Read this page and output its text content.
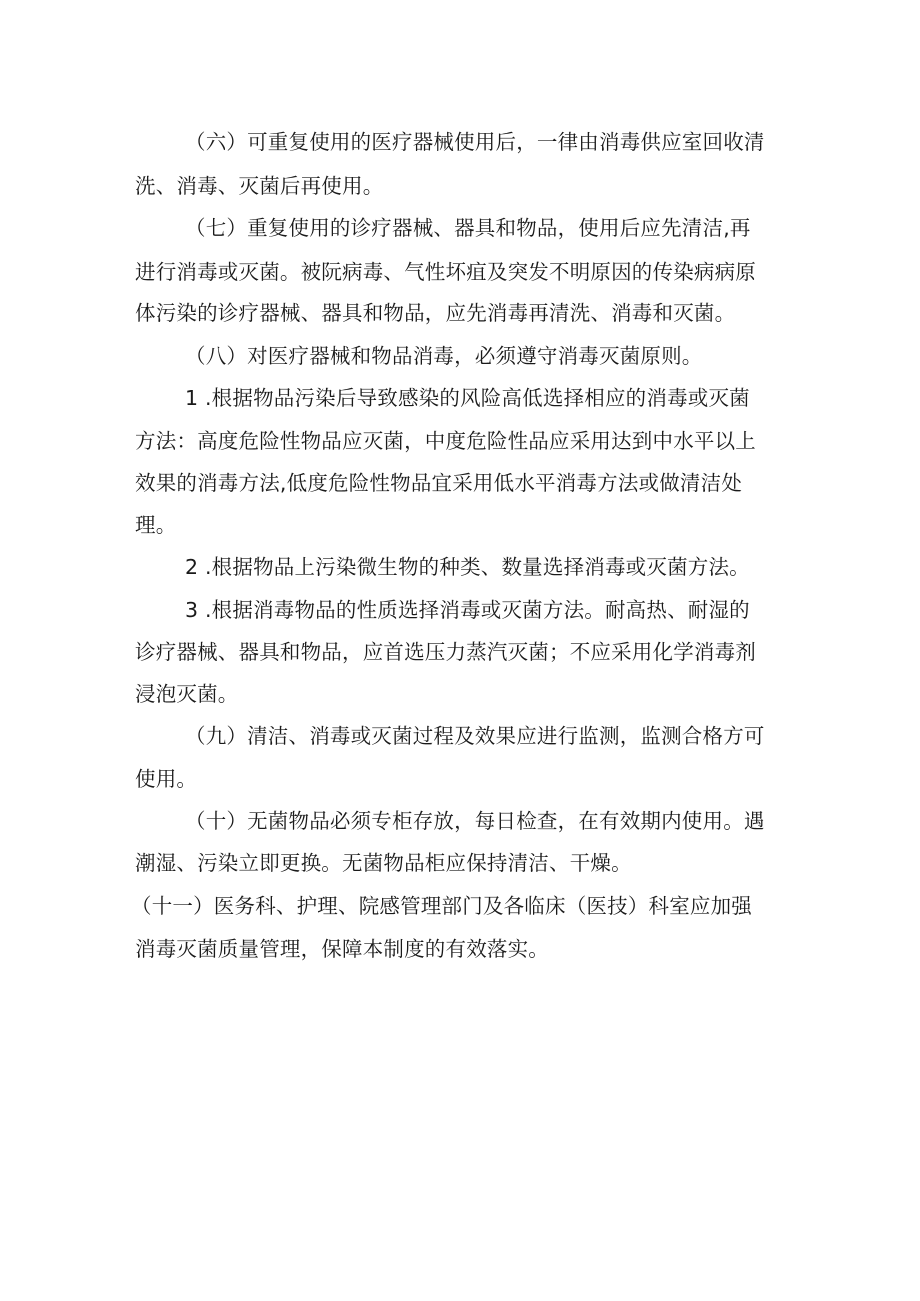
（六）可重复使用的医疗器械使用后，一律由消毒供应室回收清
洗、消毒、灭菌后再使用。
（七）重复使用的诊疗器械、器具和物品，使用后应先清洁,再
进行消毒或灭菌。被阮病毒、气性坏疽及突发不明原因的传染病病原
体污染的诊疗器械、器具和物品，应先消毒再清洗、消毒和灭菌。
（八）对医疗器械和物品消毒，必须遵守消毒灭菌原则。
1 .根据物品污染后导致感染的风险高低选择相应的消毒或灭菌
方法：高度危险性物品应灭菌，中度危险性品应采用达到中水平以上
效果的消毒方法,低度危险性物品宜采用低水平消毒方法或做清洁处
理。
2 .根据物品上污染微生物的种类、数量选择消毒或灭菌方法。
3 .根据消毒物品的性质选择消毒或灭菌方法。耐高热、耐湿的
诊疗器械、器具和物品，应首选压力蒸汽灭菌；不应采用化学消毒剂
浸泡灭菌。
（九）清洁、消毒或灭菌过程及效果应进行监测，监测合格方可
使用。
（十）无菌物品必须专柜存放，每日检查，在有效期内使用。遇
潮湿、污染立即更换。无菌物品柜应保持清洁、干燥。
（十一）医务科、护理、院感管理部门及各临床（医技）科室应加强
消毒灭菌质量管理，保障本制度的有效落实。
